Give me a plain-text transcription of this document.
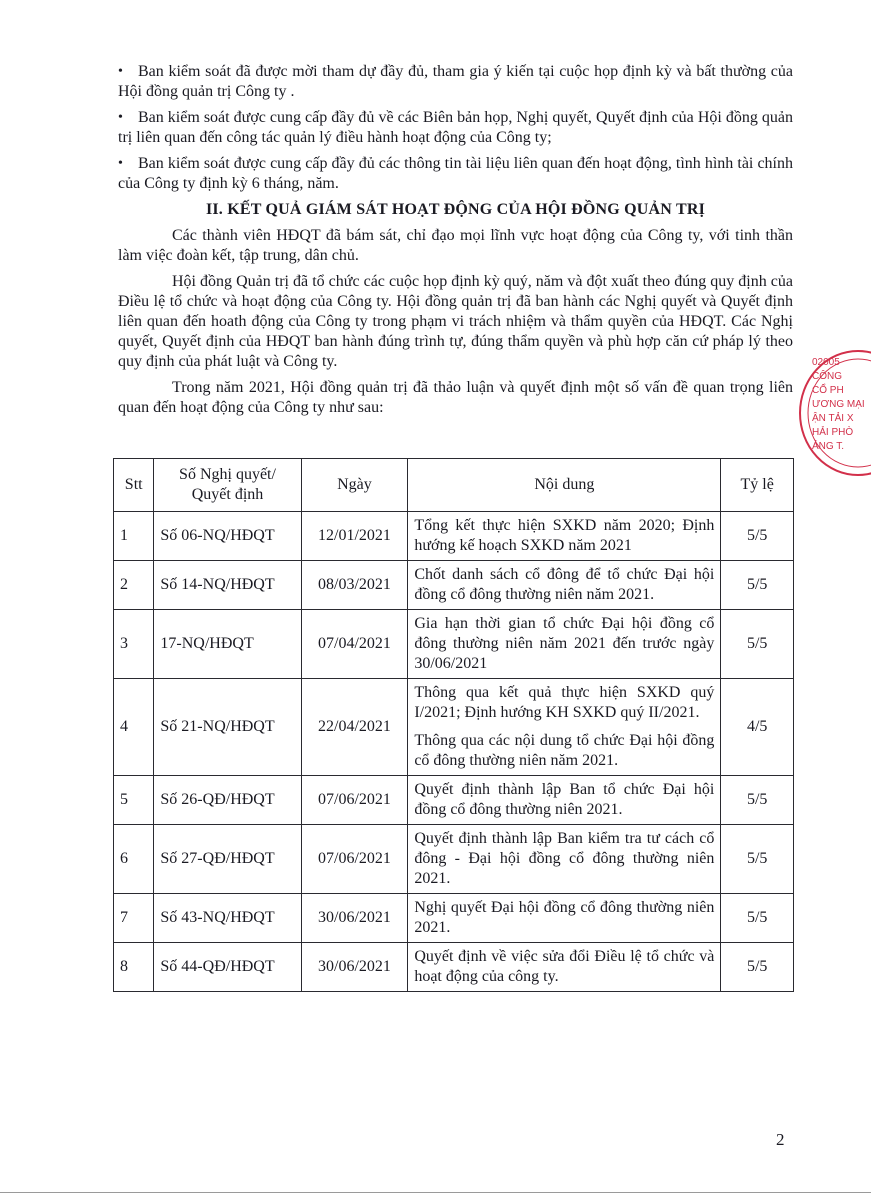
• Ban kiểm soát đã được mời tham dự đầy đủ, tham gia ý kiến tại cuộc họp định kỳ và bất thường của Hội đồng quản trị Công ty .
• Ban kiểm soát được cung cấp đầy đủ về các Biên bản họp, Nghị quyết, Quyết định của Hội đồng quản trị liên quan đến công tác quản lý điều hành hoạt động của Công ty;
• Ban kiểm soát được cung cấp đầy đủ các thông tin tài liệu liên quan đến hoạt động, tình hình tài chính của Công ty định kỳ 6 tháng, năm.
II. KẾT QUẢ GIÁM SÁT HOẠT ĐỘNG CỦA HỘI ĐỒNG QUẢN TRỊ
Các thành viên HĐQT đã bám sát, chỉ đạo mọi lĩnh vực hoạt động của Công ty, với tinh thần làm việc đoàn kết, tập trung, dân chủ.
Hội đồng Quản trị đã tổ chức các cuộc họp định kỳ quý, năm và đột xuất theo đúng quy định của Điều lệ tổ chức và hoạt động của Công ty. Hội đồng quản trị đã ban hành các Nghị quyết và Quyết định liên quan đến hoath động của Công ty trong phạm vi trách nhiệm và thẩm quyền của HĐQT. Các Nghị quyết, Quyết định của HĐQT ban hành đúng trình tự, đúng thẩm quyền và phù hợp căn cứ pháp lý theo quy định của phát luật và Công ty.
Trong năm 2021, Hội đồng quản trị đã thảo luận và quyết định một số vấn đề quan trọng liên quan đến hoạt động của Công ty như sau:
Stt	Số Nghị quyết/ Quyết định	Ngày	Nội dung	Tỷ lệ
1	Số 06-NQ/HĐQT	12/01/2021	Tổng kết thực hiện SXKD năm 2020; Định hướng kế hoạch SXKD năm 2021	5/5
2	Số 14-NQ/HĐQT	08/03/2021	Chốt danh sách cổ đông để tổ chức Đại hội đồng cổ đông thường niên năm 2021.	5/5
3	17-NQ/HĐQT	07/04/2021	Gia hạn thời gian tổ chức Đại hội đồng cổ đông thường niên năm 2021 đến trước ngày 30/06/2021	5/5
4	Số 21-NQ/HĐQT	22/04/2021	Thông qua kết quả thực hiện SXKD quý I/2021; Định hướng KH SXKD quý II/2021.

Thông qua các nội dung tổ chức Đại hội đồng cổ đông thường niên năm 2021.	4/5
5	Số 26-QĐ/HĐQT	07/06/2021	Quyết định thành lập Ban tổ chức Đại hội đồng cổ đông thường niên 2021.	5/5
6	Số 27-QĐ/HĐQT	07/06/2021	Quyết định thành lập Ban kiểm tra tư cách cổ đông - Đại hội đồng cổ đông thường niên 2021.	5/5
7	Số 43-NQ/HĐQT	30/06/2021	Nghị quyết Đại hội đồng cổ đông thường niên 2021.	5/5
8	Số 44-QĐ/HĐQT	30/06/2021	Quyết định về việc sửa đổi Điều lệ tổ chức và hoạt động của công ty.	5/5
02005
CÔNG
CỔ PH
ƯƠNG MẠI
ẬN TẢI X
HẢI PHÒ
ẢNG T.
2
